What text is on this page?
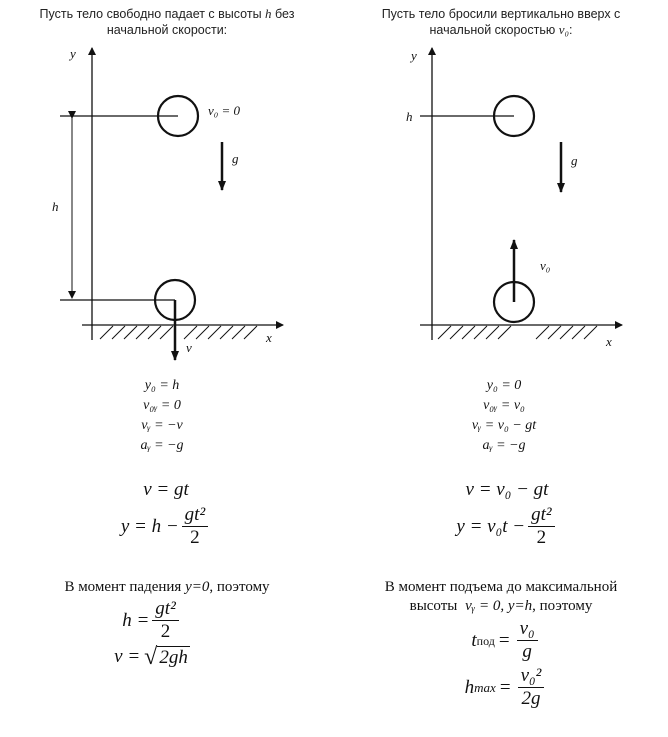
Пусть тело свободно падает с высоты h без
начальной скорости:
y
x
h
v₀ = 0
g
v
y₀ = h
v₀ᵧ = 0
vᵧ = −v
aᵧ = −g
v = gt
$y = h - \frac{\text{gt²}}{2}$
В момент падения y=0, поэтому
$h = \frac{\text{gt²}}{2}$
v = √ 2gh
Пусть тело бросили вертикально вверх с
начальной скоростью v₀:
y
x
h
g
v₀
y₀ = 0
v₀ᵧ = v₀
vᵧ = v₀ − gt
aᵧ = −g
v = v₀ − gt
$y = v_0t - \frac{\text{gt²}}{2}$
В момент подъема до максимальной
высоты vᵧ = 0, y=h, поэтому
t под = $\frac{\text{v₀}}{g}$
h $\max = \frac{\text{v₀²}}{2g}$
